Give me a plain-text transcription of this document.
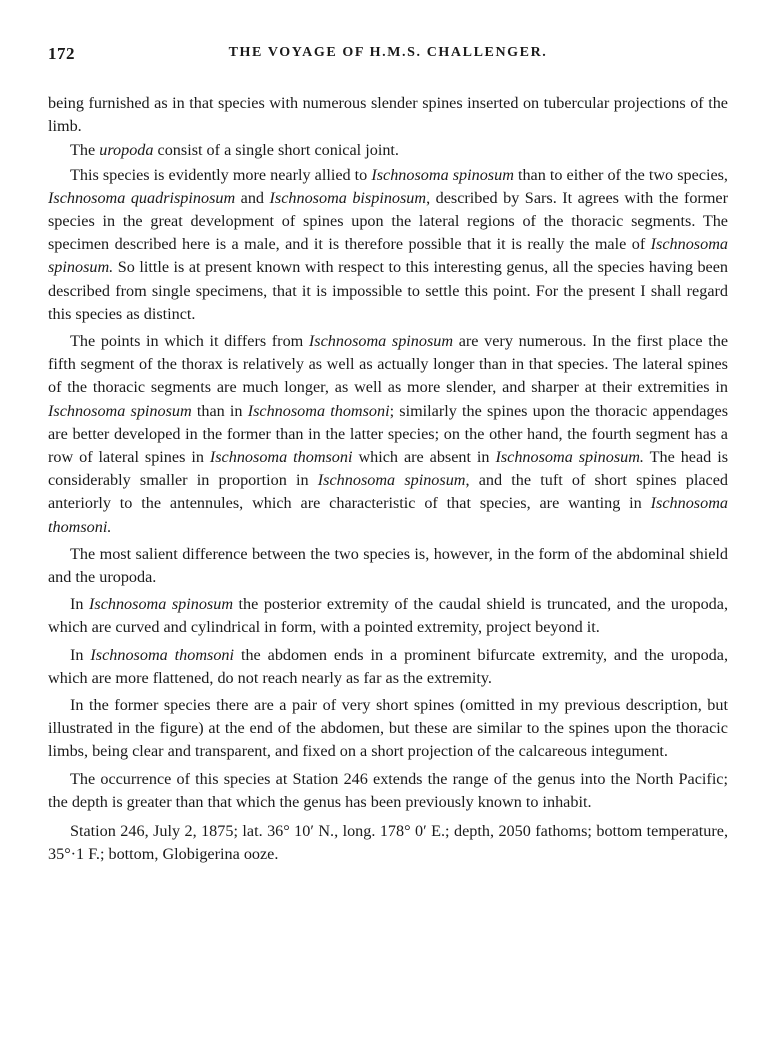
172	THE VOYAGE OF H.M.S. CHALLENGER.

being furnished as in that species with numerous slender spines inserted on tubercular projections of the limb.

The uropoda consist of a single short conical joint.

This species is evidently more nearly allied to Ischnosoma spinosum than to either of the two species, Ischnosoma quadrispinosum and Ischnosoma bispinosum, described by Sars. It agrees with the former species in the great development of spines upon the lateral regions of the thoracic segments. The specimen described here is a male, and it is therefore possible that it is really the male of Ischnosoma spinosum. So little is at present known with respect to this interesting genus, all the species having been described from single specimens, that it is impossible to settle this point. For the present I shall regard this species as distinct.

The points in which it differs from Ischnosoma spinosum are very numerous. In the first place the fifth segment of the thorax is relatively as well as actually longer than in that species. The lateral spines of the thoracic segments are much longer, as well as more slender, and sharper at their extremities in Ischnosoma spinosum than in Ischnosoma thomsoni; similarly the spines upon the thoracic appendages are better developed in the former than in the latter species; on the other hand, the fourth segment has a row of lateral spines in Ischnosoma thomsoni which are absent in Ischnosoma spinosum. The head is considerably smaller in proportion in Ischnosoma spinosum, and the tuft of short spines placed anteriorly to the antennules, which are characteristic of that species, are wanting in Ischnosoma thomsoni.

The most salient difference between the two species is, however, in the form of the abdominal shield and the uropoda.

In Ischnosoma spinosum the posterior extremity of the caudal shield is truncated, and the uropoda, which are curved and cylindrical in form, with a pointed extremity, project beyond it.

In Ischnosoma thomsoni the abdomen ends in a prominent bifurcate extremity, and the uropoda, which are more flattened, do not reach nearly as far as the extremity.

In the former species there are a pair of very short spines (omitted in my previous description, but illustrated in the figure) at the end of the abdomen, but these are similar to the spines upon the thoracic limbs, being clear and transparent, and fixed on a short projection of the calcareous integument.

The occurrence of this species at Station 246 extends the range of the genus into the North Pacific; the depth is greater than that which the genus has been previously known to inhabit.

Station 246, July 2, 1875; lat. 36° 10′ N., long. 178° 0′ E.; depth, 2050 fathoms; bottom temperature, 35°·1 F.; bottom, Globigerina ooze.
